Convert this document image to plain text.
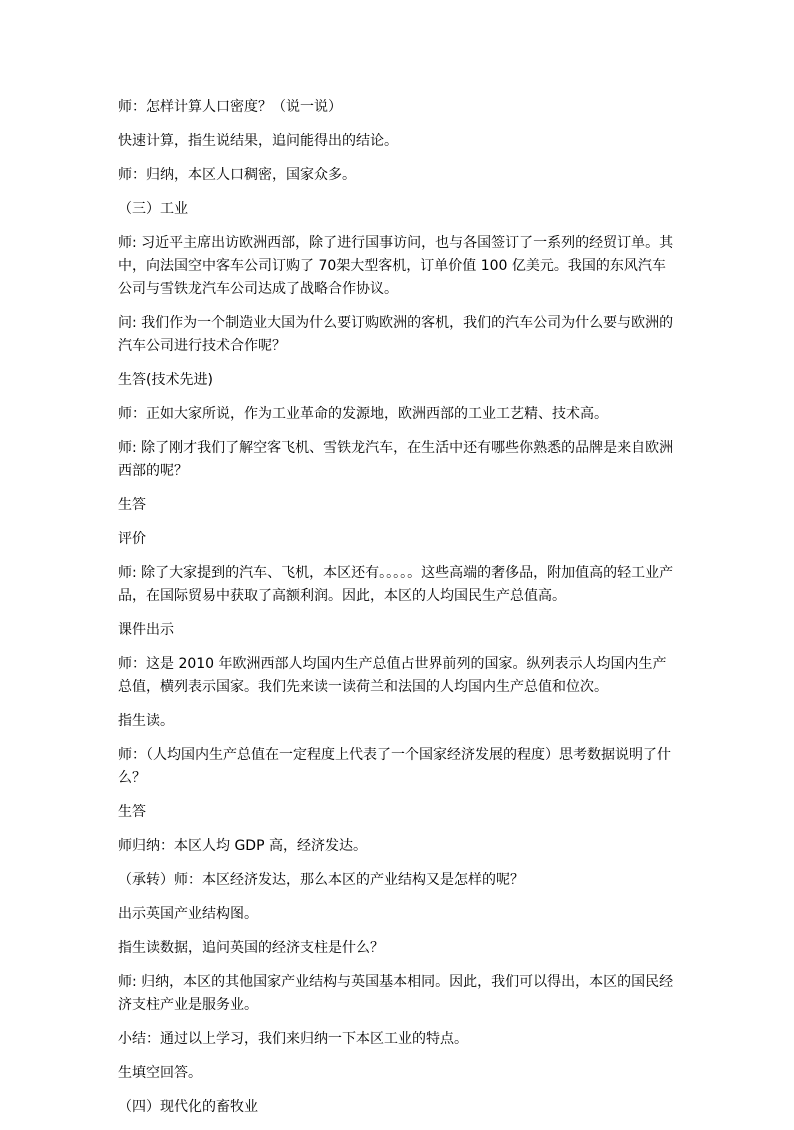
师：怎样计算人口密度？（说一说）

快速计算，指生说结果，追问能得出的结论。

师：归纳，本区人口稠密，国家众多。

（三）工业

师: 习近平主席出访欧洲西部，除了进行国事访问，也与各国签订了一系列的经贸订单。其中，向法国空中客车公司订购了 70架大型客机，订单价值 100 亿美元。我国的东风汽车公司与雪铁龙汽车公司达成了战略合作协议。

问: 我们作为一个制造业大国为什么要订购欧洲的客机，我们的汽车公司为什么要与欧洲的汽车公司进行技术合作呢？

生答(技术先进)

师：正如大家所说，作为工业革命的发源地，欧洲西部的工业工艺精、技术高。

师: 除了刚才我们了解空客飞机、雪铁龙汽车，在生活中还有哪些你熟悉的品牌是来自欧洲西部的呢？

生答

评价

师: 除了大家提到的汽车、飞机，本区还有。。。。。这些高端的奢侈品，附加值高的轻工业产品，在国际贸易中获取了高额利润。因此，本区的人均国民生产总值高。

课件出示

师：这是 2010 年欧洲西部人均国内生产总值占世界前列的国家。纵列表示人均国内生产总值，横列表示国家。我们先来读一读荷兰和法国的人均国内生产总值和位次。

指生读。

师：（人均国内生产总值在一定程度上代表了一个国家经济发展的程度）思考数据说明了什么？

生答

师归纳：本区人均 GDP 高，经济发达。

（承转）师：本区经济发达，那么本区的产业结构又是怎样的呢？

出示英国产业结构图。

指生读数据，追问英国的经济支柱是什么？

师: 归纳，本区的其他国家产业结构与英国基本相同。因此，我们可以得出，本区的国民经济支柱产业是服务业。

小结：通过以上学习，我们来归纳一下本区工业的特点。

生填空回答。

（四）现代化的畜牧业
